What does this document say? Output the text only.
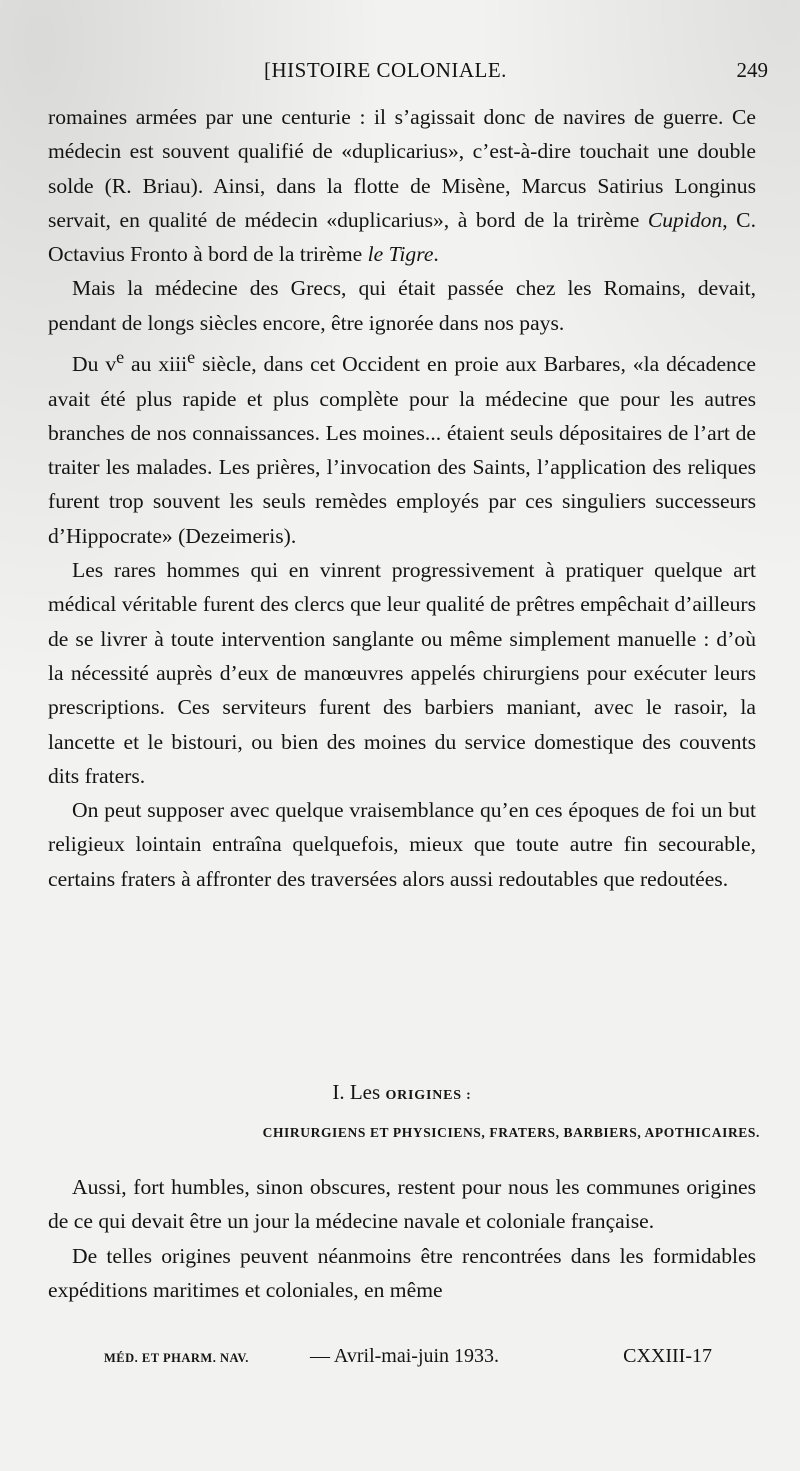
[HISTOIRE COLONIALE.	249

romaines armées par une centurie : il s’agissait donc de navires de guerre. Ce médecin est souvent qualifié de «duplicarius», c’est-à-dire touchait une double solde (R. Briau). Ainsi, dans la flotte de Misène, Marcus Satirius Longinus servait, en qualité de médecin «duplicarius», à bord de la trirème Cupidon, C. Octavius Fronto à bord de la trirème le Tigre.

Mais la médecine des Grecs, qui était passée chez les Romains, devait, pendant de longs siècles encore, être ignorée dans nos pays.

Du $v^e$ au xiii$^e$ siècle, dans cet Occident en proie aux Barbares, «la décadence avait été plus rapide et plus complète pour la médecine que pour les autres branches de nos connaissances. Les moines... étaient seuls dépositaires de l’art de traiter les malades. Les prières, l’invocation des Saints, l’application des reliques furent trop souvent les seuls remèdes employés par ces singuliers successeurs d’Hippocrate» (Dezeimeris).

Les rares hommes qui en vinrent progressivement à pratiquer quelque art médical véritable furent des clercs que leur qualité de prêtres empêchait d’ailleurs de se livrer à toute intervention sanglante ou même simplement manuelle : d’où la nécessité auprès d’eux de manœuvres appelés chirurgiens pour exécuter leurs prescriptions. Ces serviteurs furent des barbiers maniant, avec le rasoir, la lancette et le bistouri, ou bien des moines du service domestique des couvents dits fraters.

On peut supposer avec quelque vraisemblance qu’en ces époques de foi un but religieux lointain entraîna quelquefois, mieux que toute autre fin secourable, certains fraters à affronter des traversées alors aussi redoutables que redoutées.

I. Les ORIGINES :
CHIRURGIENS ET PHYSICIENS, FRATERS, BARBIERS, APOTHICAIRES.

Aussi, fort humbles, sinon obscures, restent pour nous les communes origines de ce qui devait être un jour la médecine navale et coloniale française.

De telles origines peuvent néanmoins être rencontrées dans les formidables expéditions maritimes et coloniales, en même

MÉD. ET PHARM. NAV.	— Avril-mai-juin 1933.	CXXIII-17
